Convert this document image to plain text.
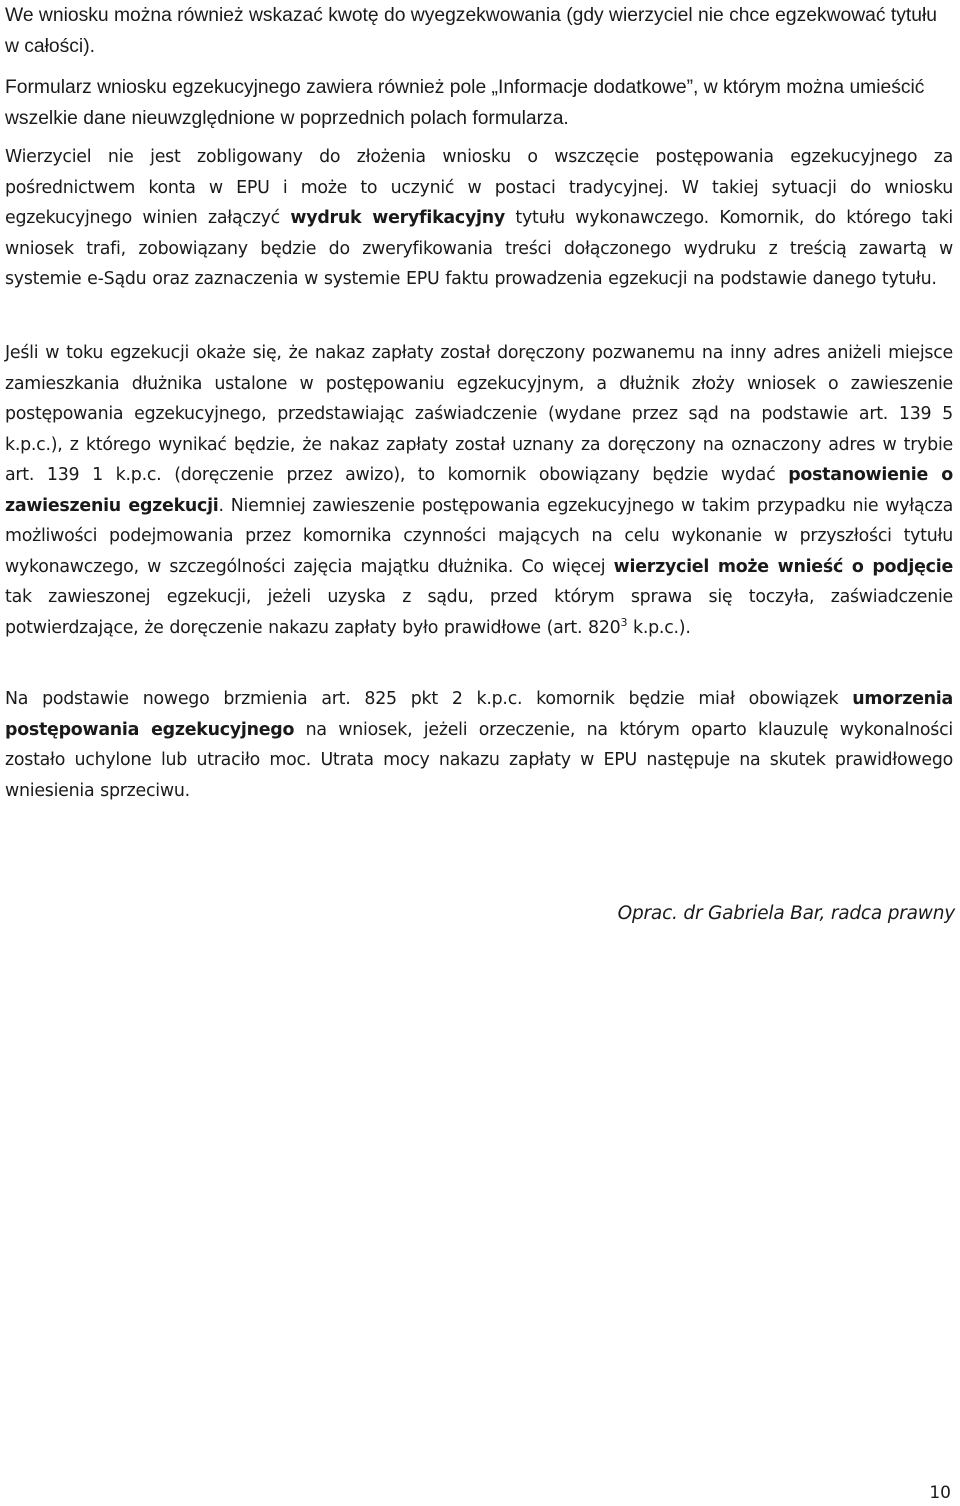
We wniosku można również wskazać kwotę do wyegzekwowania (gdy wierzyciel nie chce egzekwować tytułu w całości).

Formularz wniosku egzekucyjnego zawiera również pole „Informacje dodatkowe”, w którym można umieścić wszelkie dane nieuwzględnione w poprzednich polach formularza.

Wierzyciel nie jest zobligowany do złożenia wniosku o wszczęcie postępowania egzekucyjnego za pośrednictwem konta w EPU i może to uczynić w postaci tradycyjnej. W takiej sytuacji do wniosku egzekucyjnego winien załączyć wydruk weryfikacyjny tytułu wykonawczego. Komornik, do którego taki wniosek trafi, zobowiązany będzie do zweryfikowania treści dołączonego wydruku z treścią zawartą w systemie e-Sądu oraz zaznaczenia w systemie EPU faktu prowadzenia egzekucji na podstawie danego tytułu.

Jeśli w toku egzekucji okaże się, że nakaz zapłaty został doręczony pozwanemu na inny adres aniżeli miejsce zamieszkania dłużnika ustalone w postępowaniu egzekucyjnym, a dłużnik złoży wniosek o zawieszenie postępowania egzekucyjnego, przedstawiając zaświadczenie (wydane przez sąd na podstawie art. 139 5 k.p.c.), z którego wynikać będzie, że nakaz zapłaty został uznany za doręczony na oznaczony adres w trybie art. 139 1 k.p.c. (doręczenie przez awizo), to komornik obowiązany będzie wydać postanowienie o zawieszeniu egzekucji. Niemniej zawieszenie postępowania egzekucyjnego w takim przypadku nie wyłącza możliwości podejmowania przez komornika czynności mających na celu wykonanie w przyszłości tytułu wykonawczego, w szczególności zajęcia majątku dłużnika. Co więcej wierzyciel może wnieść o podjęcie tak zawieszonej egzekucji, jeżeli uzyska z sądu, przed którym sprawa się toczyła, zaświadczenie potwierdzające, że doręczenie nakazu zapłaty było prawidłowe (art. $820^3$ k.p.c.).

Na podstawie nowego brzmienia art. 825 pkt 2 k.p.c. komornik będzie miał obowiązek umorzenia postępowania egzekucyjnego na wniosek, jeżeli orzeczenie, na którym oparto klauzulę wykonalności zostało uchylone lub utraciło moc. Utrata mocy nakazu zapłaty w EPU następuje na skutek prawidłowego wniesienia sprzeciwu.

Oprac. dr Gabriela Bar, radca prawny
10
